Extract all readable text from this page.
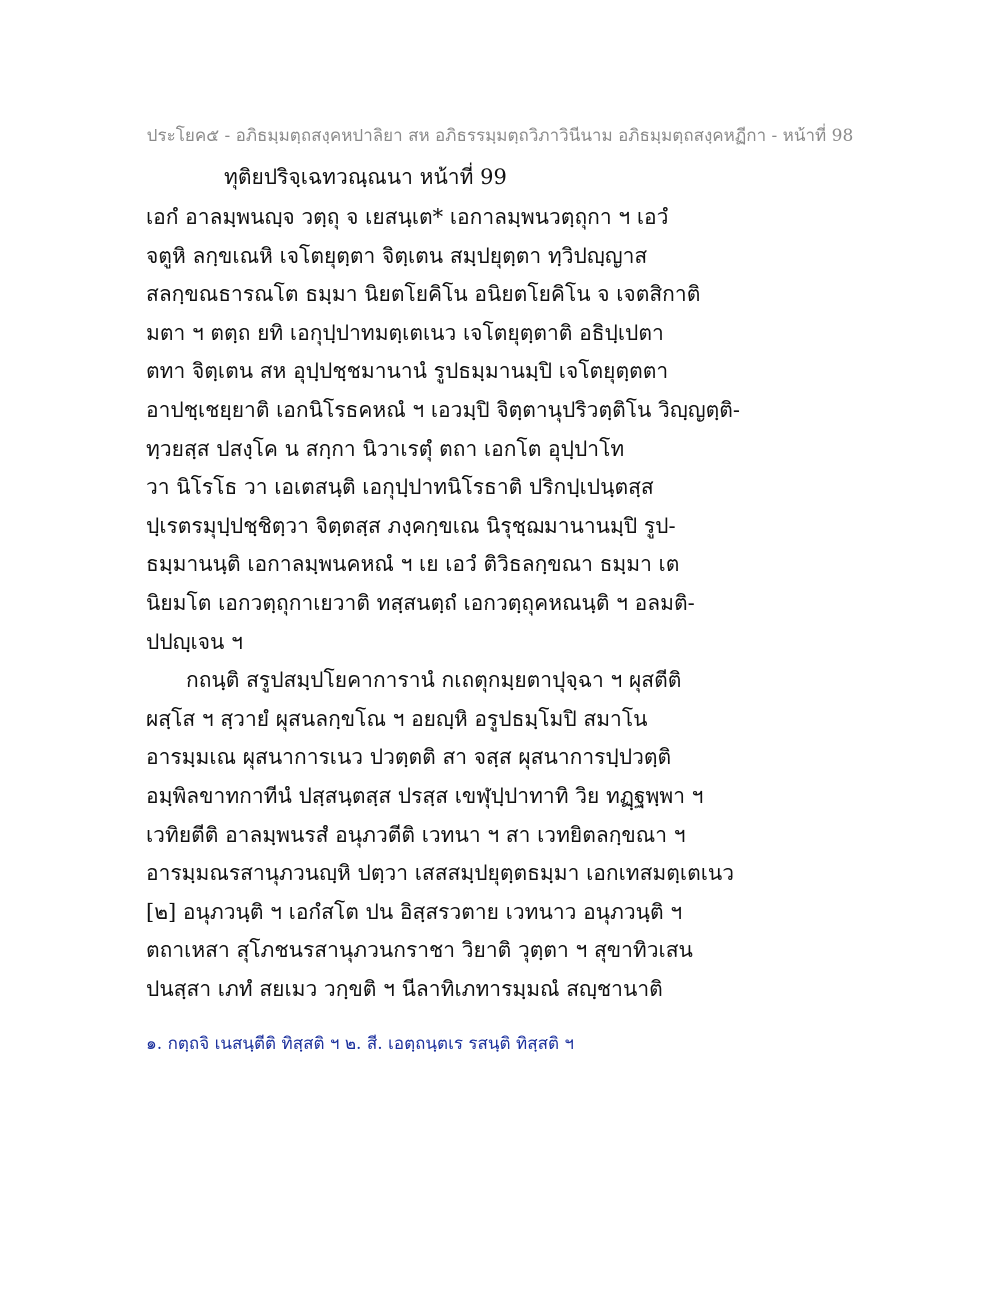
ประโยค๕ - อภิธมฺมตฺถสงฺคหปาลิยา สห อภิธรรมฺมตฺถวิภาวินีนาม อภิธมฺมตฺถสงฺคหฏีกา - หน้าที่ 98
ทุติยปริจฺเฉทวณฺณนา หน้าที่ 99
เอกํ อาลมฺพนญฺจ วตฺถุ จ เยสนฺเต* เอกาลมฺพนวตฺถุกา ฯ เอวํ
จตูหิ ลกฺขเณหิ เจโตยุตฺตา จิตฺเตน สมฺปยุตฺตา ทฺวิปญฺญาส
สลกฺขณธารณโต ธมฺมา นิยตโยคิโน อนิยตโยคิโน จ เจตสิกาติ
มตา ฯ ตตฺถ ยทิ เอกุปฺปาทมตฺเตเนว เจโตยุตฺตาติ อธิปฺเปตา
ตทา จิตฺเตน สห อุปฺปชฺชมานานํ รูปธมฺมานมฺปิ เจโตยุตฺตตา
อาปชฺเชยฺยาติ เอกนิโรธคหณํ ฯ เอวมฺปิ จิตฺตานุปริวตฺติโน วิญฺญตฺติ-
ทฺวยสฺส ปสงฺโค น สกฺกา นิวาเรตุํ ตถา เอกโต อุปฺปาโท
วา นิโรโธ วา เอเตสนฺติ เอกุปฺปาทนิโรธาติ ปริกปฺเปนฺตสฺส
ปฺเรตรมุปฺปชฺชิตฺวา จิตฺตสฺส ภงฺคกฺขเณ นิรุชฺฌมานานมฺปิ รูป-
ธมฺมานนฺติ เอกาลมฺพนคหณํ ฯ เย เอวํ ติวิธลกฺขณา ธมฺมา เต
นิยมโต เอกวตฺถุกาเยวาติ ทสฺสนตฺถํ เอกวตฺถุคหณนฺติ ฯ อลมติ-
ปปญฺเจน ฯ
กถนฺติ สรูปสมฺปโยคาการานํ กเถตุกมฺยตาปุจฺฉา ฯ ผุสตีติ
ผสฺโส ฯ สฺวายํ ผุสนลกฺขโณ ฯ อยญฺหิ อรูปธมฺโมปิ สมาโน
อารมฺมเณ ผุสนาการเนว ปวตฺตติ สา จสฺส ผุสนาการปฺปวตฺติ
อมฺพิลขาทกาทีนํ ปสฺสนฺตสฺส ปรสฺส เขฬุปฺปาทาทิ วิย ทฏฺฐพฺพา ฯ
เวทิยตีติ อาลมฺพนรสํ อนุภวตีติ เวทนา ฯ สา เวทยิตลกฺขณา ฯ
อารมฺมณรสานุภวนญฺหิ ปตฺวา เสสสมฺปยุตฺตธมฺมา เอกเทสมตฺเตเนว
[๒] อนุภวนฺติ ฯ เอกํสโต ปน อิสฺสรวตาย เวทนาว อนุภวนฺติ ฯ
ตถาเหสา สุโภชนรสานุภวนกราชา วิยาติ วุตฺตา ฯ สุขาทิวเสน
ปนสฺสา เภทํ สยเมว วกฺขติ ฯ นีลาทิเภทารมฺมณํ สญฺชานาติ
๑. กตฺถจิ เนสนฺตีติ ทิสฺสติ ฯ ๒. สี. เอตฺถนฺตเร รสนฺติ ทิสฺสติ ฯ
